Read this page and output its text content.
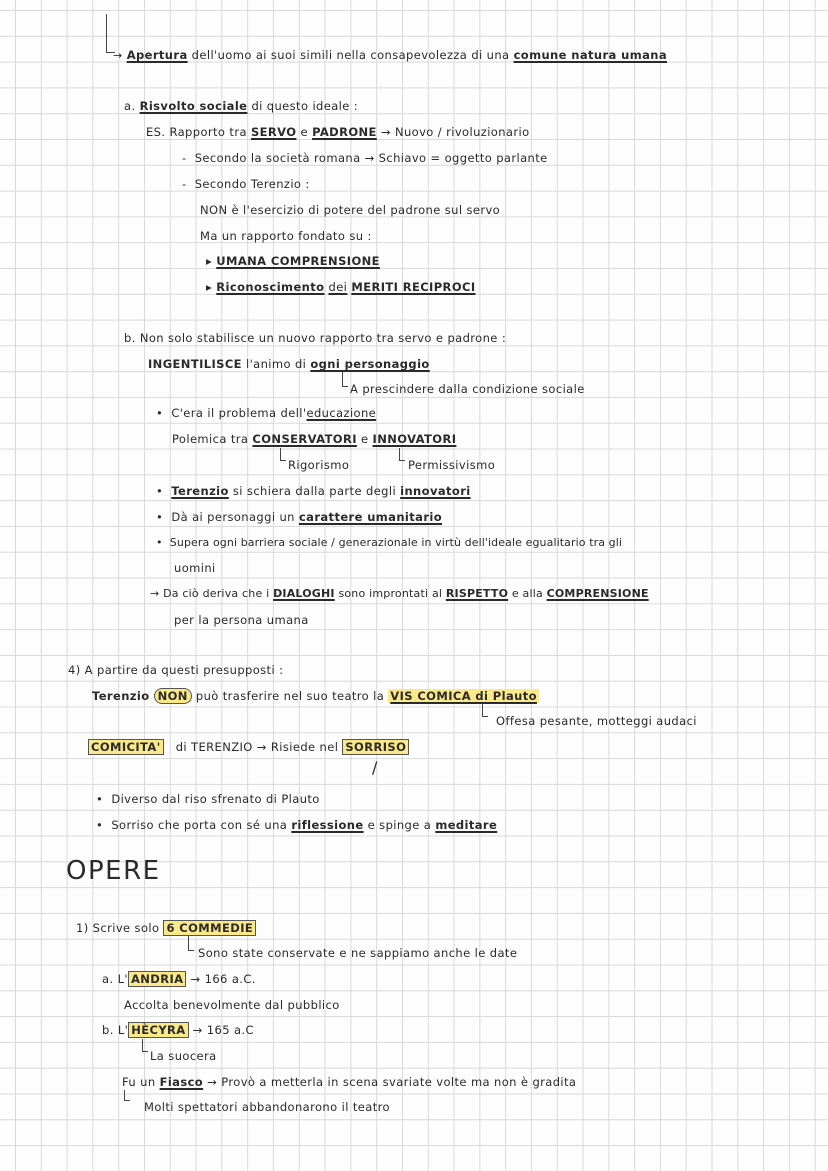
→ Apertura dell'uomo ai suoi simili nella consapevolezza di una comune natura umana
a. Risvolto sociale di questo ideale :
ES. Rapporto tra SERVO e PADRONE → Nuovo / rivoluzionario
- Secondo la società romana → Schiavo = oggetto parlante
- Secondo Terenzio :
NON è l'esercizio di potere del padrone sul servo
Ma un rapporto fondato su :
▸ UMANA COMPRENSIONE
▸ Riconoscimento dei MERITI RECIPROCI
b. Non solo stabilisce un nuovo rapporto tra servo e padrone :
INGENTILISCE l'animo di ogni personaggio
A prescindere dalla condizione sociale
• C'era il problema dell'educazione
Polemica tra CONSERVATORI e INNOVATORI
Rigorismo	Permissivismo
• Terenzio si schiera dalla parte degli innovatori
• Dà ai personaggi un carattere umanitario
• Supera ogni barriera sociale / generazionale in virtù dell'ideale egualitario tra gli
uomini
→ Da ciò deriva che i DIALOGHI sono improntati al RISPETTO e alla COMPRENSIONE
per la persona umana
4) A partire da questi presupposti :
Terenzio NON può trasferire nel suo teatro la VIS COMICA di Plauto
Offesa pesante, motteggi audaci
COMICITA' di TERENZIO → Risiede nel SORRISO
/
• Diverso dal riso sfrenato di Plauto
• Sorriso che porta con sé una riflessione e spinge a meditare
OPERE
1) Scrive solo 6 COMMEDIE
Sono state conservate e ne sappiamo anche le date
a. L' ANDRIA → 166 a.C.
Accolta benevolmente dal pubblico
b. L' HÈCYRA → 165 a.C
La suocera
Fu un Fiasco → Provò a metterla in scena svariate volte ma non è gradita
Molti spettatori abbandonarono il teatro
